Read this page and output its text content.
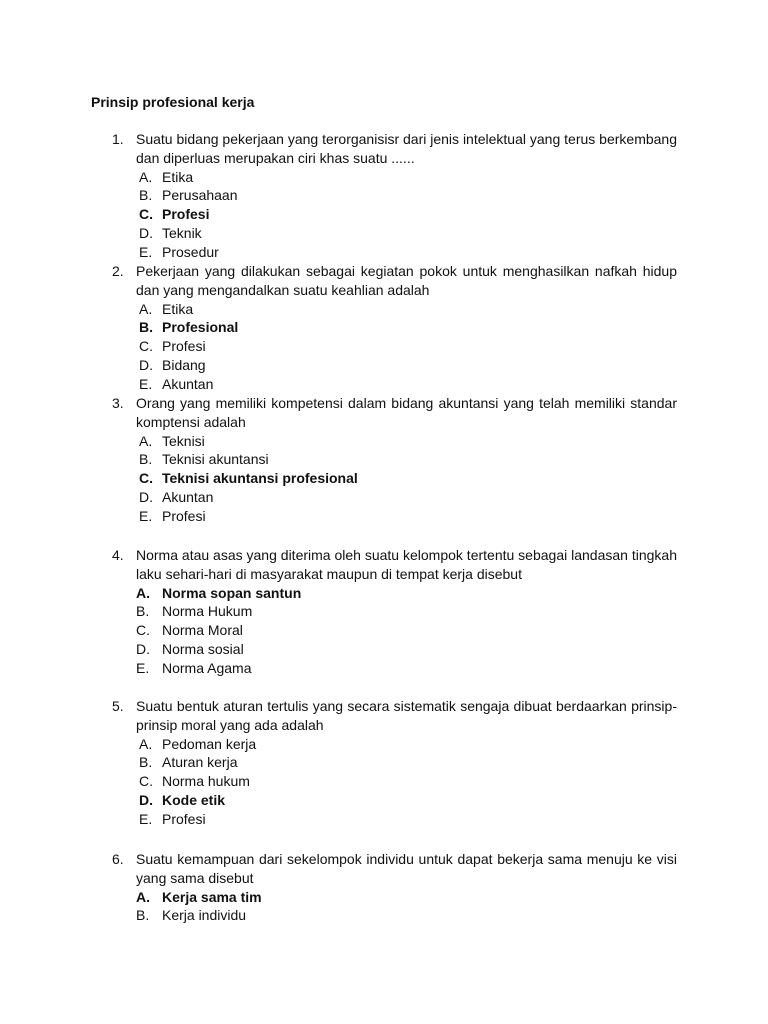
Prinsip profesional kerja
1. Suatu bidang pekerjaan yang terorganisisr dari jenis intelektual yang terus berkembang dan diperluas merupakan ciri khas suatu ......
A. Etika
B. Perusahaan
C. Profesi
D. Teknik
E. Prosedur
2. Pekerjaan yang dilakukan sebagai kegiatan pokok untuk menghasilkan nafkah hidup dan yang mengandalkan suatu keahlian adalah
A. Etika
B. Profesional
C. Profesi
D. Bidang
E. Akuntan
3. Orang yang memiliki kompetensi dalam bidang akuntansi yang telah memiliki standar komptensi adalah
A. Teknisi
B. Teknisi akuntansi
C. Teknisi akuntansi profesional
D. Akuntan
E. Profesi
4. Norma atau asas yang diterima oleh suatu kelompok tertentu sebagai landasan tingkah laku sehari-hari di masyarakat maupun di tempat kerja disebut
A. Norma sopan santun
B. Norma Hukum
C. Norma Moral
D. Norma sosial
E. Norma Agama
5. Suatu bentuk aturan tertulis yang secara sistematik sengaja dibuat berdaarkan prinsip-prinsip moral yang ada adalah
A. Pedoman kerja
B. Aturan kerja
C. Norma hukum
D. Kode etik
E. Profesi
6. Suatu kemampuan dari sekelompok individu untuk dapat bekerja sama menuju ke visi yang sama disebut
A. Kerja sama tim
B. Kerja individu
